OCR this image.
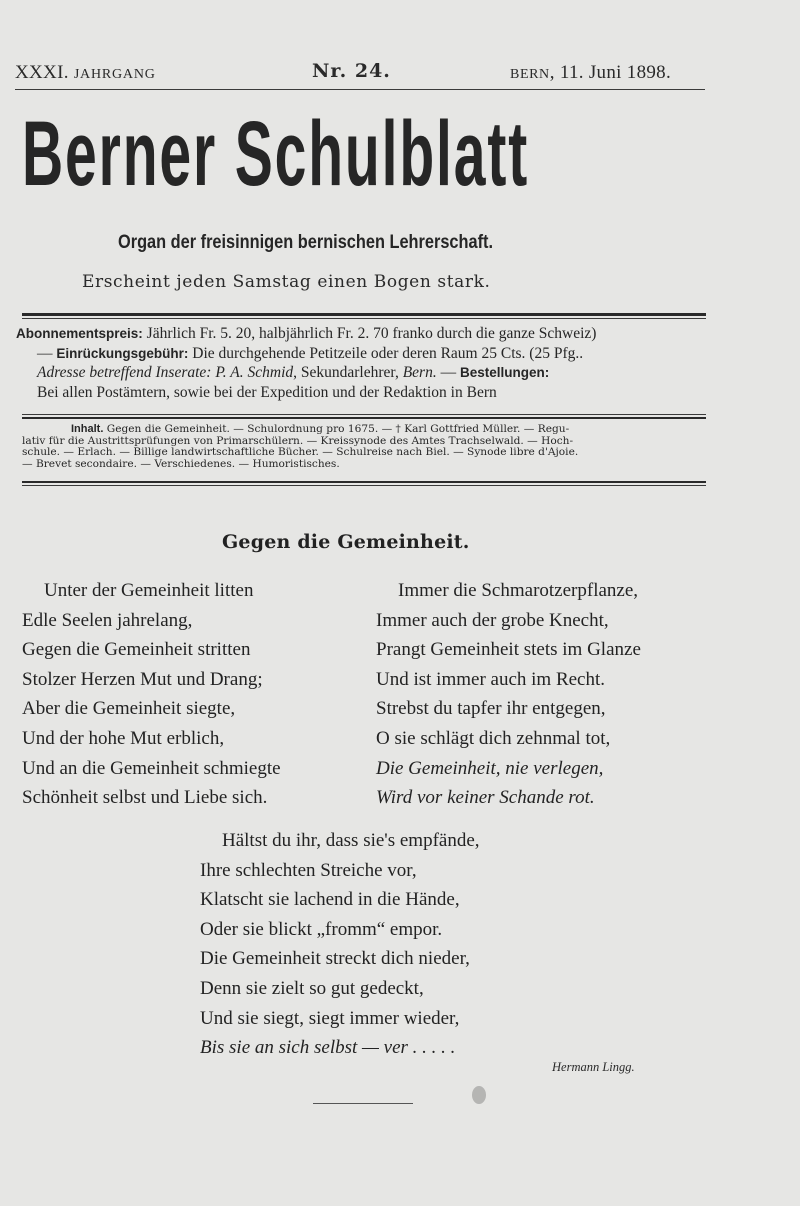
XXXI. JAHRGANG	Nr. 24.	BERN, 11. Juni 1898.
Berner Schulblatt
Organ der freisinnigen bernischen Lehrerschaft.
Erscheint jeden Samstag einen Bogen stark.
Abonnementspreis: Jährlich Fr. 5. 20, halbjährlich Fr. 2. 70 franko durch die ganze Schweiz)
— Einrückungsgebühr: Die durchgehende Petitzeile oder deren Raum 25 Cts. (25 Pfg..
Adresse betreffend Inserate: P. A. Schmid, Sekundarlehrer, Bern. — Bestellungen:
Bei allen Postämtern, sowie bei der Expedition und der Redaktion in Bern
Inhalt. Gegen die Gemeinheit. — Schulordnung pro 1675. — † Karl Gottfried Müller. — Regu-
lativ für die Austrittsprüfungen von Primarschülern. — Kreissynode des Amtes Trachselwald. — Hoch-
schule. — Erlach. — Billige landwirtschaftliche Bücher. — Schulreise nach Biel. — Synode libre d'Ajoie.
— Brevet secondaire. — Verschiedenes. — Humoristisches.
Gegen die Gemeinheit.
Unter der Gemeinheit litten
Edle Seelen jahrelang,
Gegen die Gemeinheit stritten
Stolzer Herzen Mut und Drang;
Aber die Gemeinheit siegte,
Und der hohe Mut erblich,
Und an die Gemeinheit schmiegte
Schönheit selbst und Liebe sich.
Immer die Schmarotzerpflanze,
Immer auch der grobe Knecht,
Prangt Gemeinheit stets im Glanze
Und ist immer auch im Recht.
Strebst du tapfer ihr entgegen,
O sie schlägt dich zehnmal tot,
Die Gemeinheit, nie verlegen,
Wird vor keiner Schande rot.
Hältst du ihr, dass sie's empfände,
Ihre schlechten Streiche vor,
Klatscht sie lachend in die Hände,
Oder sie blickt „fromm“ empor.
Die Gemeinheit streckt dich nieder,
Denn sie zielt so gut gedeckt,
Und sie siegt, siegt immer wieder,
Bis sie an sich selbst — ver . . . . .
Hermann Lingg.
